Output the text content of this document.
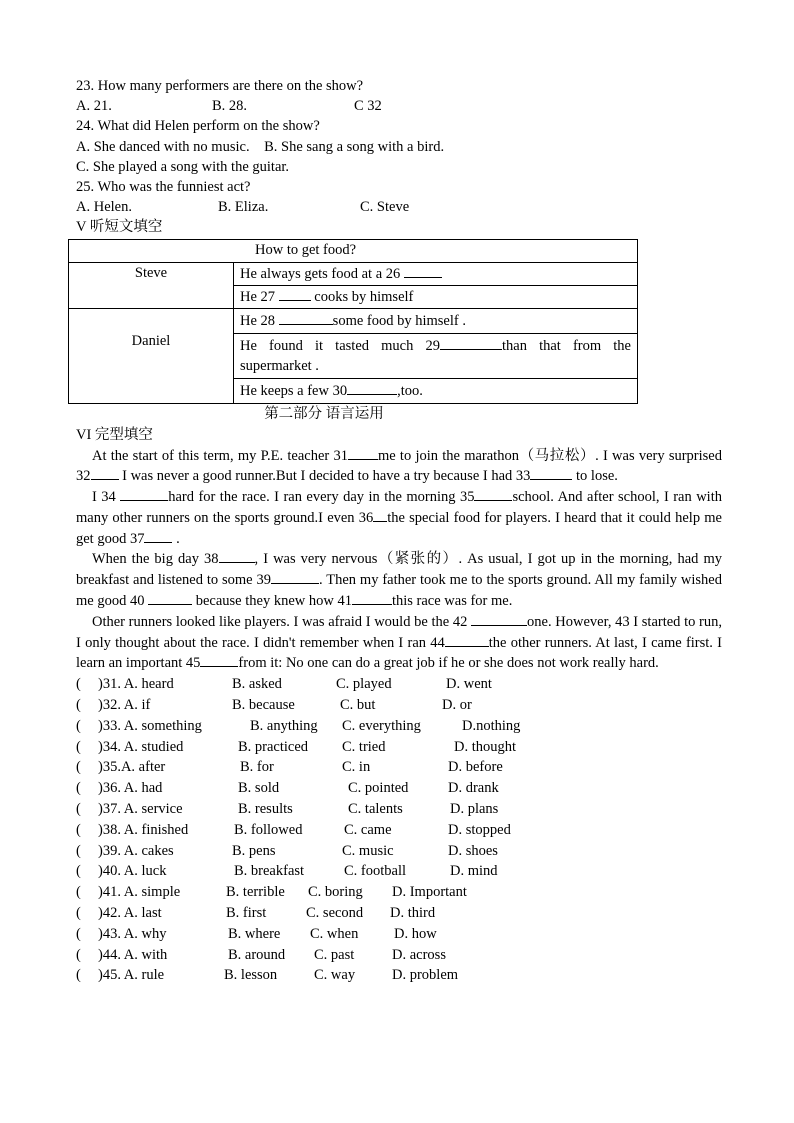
23. How many performers are there on the show?
A. 21.	B. 28.	C 32
24. What did Helen perform on the show?
A. She danced with no music. B. She sang a song with a bird.
C. She played a song with the guitar.
25. Who was the funniest act?
A. Helen.	B. Eliza.	C. Steve
V 听短文填空
How to get food?	
Steve	He always gets food at a 26
	He 27  cooks by himself
Daniel	He 28 some food by himself .
	He found it tasted much 29 than that from the supermarket .
	He keeps a few 30 ,too.
第二部分 语言运用
VI 完型填空

At the start of this term, my P.E. teacher 31 me to join the marathon（马拉松）. I was very surprised 32 I was never a good runner.But I decided to have a try because I had 33	to lose.

I 34	hard for the race. I ran every day in the morning 35	school. And after school, I ran with many other runners on the sports ground.I even 36 the special food for players. I heard that it could help me get good 37 .

When the big day 38 , I was very nervous（紧张的）. As usual, I got up in the morning, had my breakfast and listened to some 39	. Then my father took me to the sports ground. All my family wished me good 40	because they knew how 41	this race was for me.

Other runners looked like players. I was afraid I would be the 42	one. However, 43 I started to run, I only thought about the race. I didn't remember when I ran 44	the other runners. At last, I came first. I learn an important 45	from it: No one can do a great job if he or she does not work really hard.

( )31. A. heard	B. asked	C. played	D. went
( )32. A. if	B. because	C. but	D. or
( )33. A. something	B. anything C. everything	D.nothing
( )34. A. studied	B. practiced C. tried	D. thought
( )35.A. after	B. for	C. in	D. before
( )36. A. had	B. sold	C. pointed	D. drank
( )37. A. service	B. results	C. talents	D. plans
( )38. A. finished	B. followed	C. came	D. stopped
( )39. A. cakes	B. pens	C. music	D. shoes
( )40. A. luck	B. breakfast	C. football	D. mind
( )41. A. simple	B. terrible C. boring D. Important
( )42. A. last	B. first	C. second D. third
( )43. A. why	B. where C. when D. how
( )44. A. with	B. around C. past	D. across
( )45. A. rule	B. lesson	C. way	D. problem
